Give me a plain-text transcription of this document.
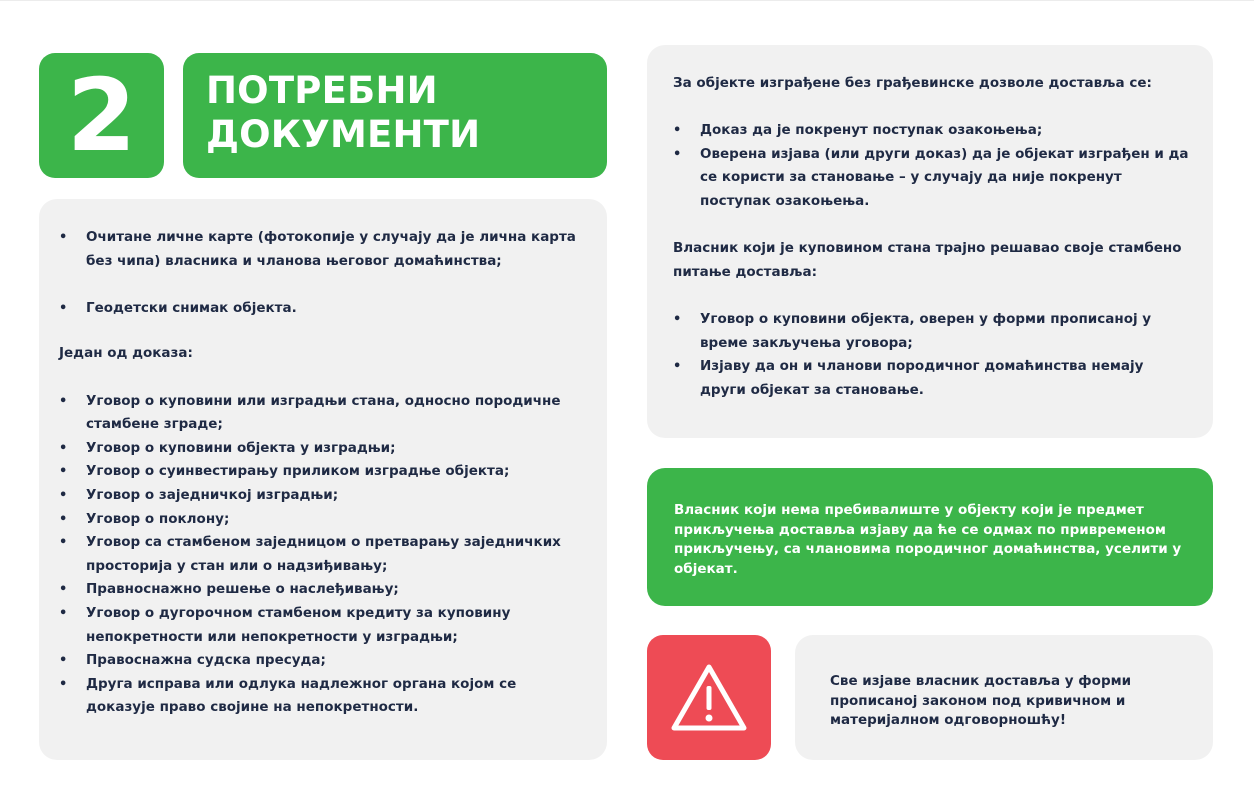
2 ПОТРЕБНИ
ДОКУМЕНТИ
• Очитане личне карте (фотокопије у случају да је лична карта без чипа) власника и чланова његовог домаћинства;
• Геодетски снимак објекта.

Један од доказа:

• Уговор о куповини или изградњи стана, односно породичне стамбене зграде;
• Уговор о куповини објекта у изградњи;
• Уговор о суинвестирању приликом изградње објекта;
• Уговор о заједничкој изградњи;
• Уговор о поклону;
• Уговор са стамбеном заједницом о претварању заједничких просторија у стан или о надзиђивању;
• Правноснажно решење о наслеђивању;
• Уговор о дугорочном стамбеном кредиту за куповину непокретности или непокретности у изградњи;
• Правоснажна судска пресуда;
• Друга исправа или одлука надлежног органа којом се доказује право својине на непокретности.

За објекте изграђене без грађевинске дозволе доставља се:

• Доказ да је покренут поступак озакоњења;
• Оверена изјава (или други доказ) да је објекат изграђен и да се користи за становање – у случају да није покренут поступак озакоњења.

Власник који је куповином стана трајно решавао своје стамбено питање доставља:

• Уговор о куповини објекта, оверен у форми прописаној у време закључења уговора;
• Изјаву да он и чланови породичног домаћинства немају други објекат за становање.
Власник који нема пребивалиште у објекту који је предмет прикључења доставља изјаву да ће се одмах по привременом прикључењу, са члановима породичног домаћинства, уселити у објекат.
Све изјаве власник доставља у форми прописаној законом под кривичном и материјалном одговорношћу!
